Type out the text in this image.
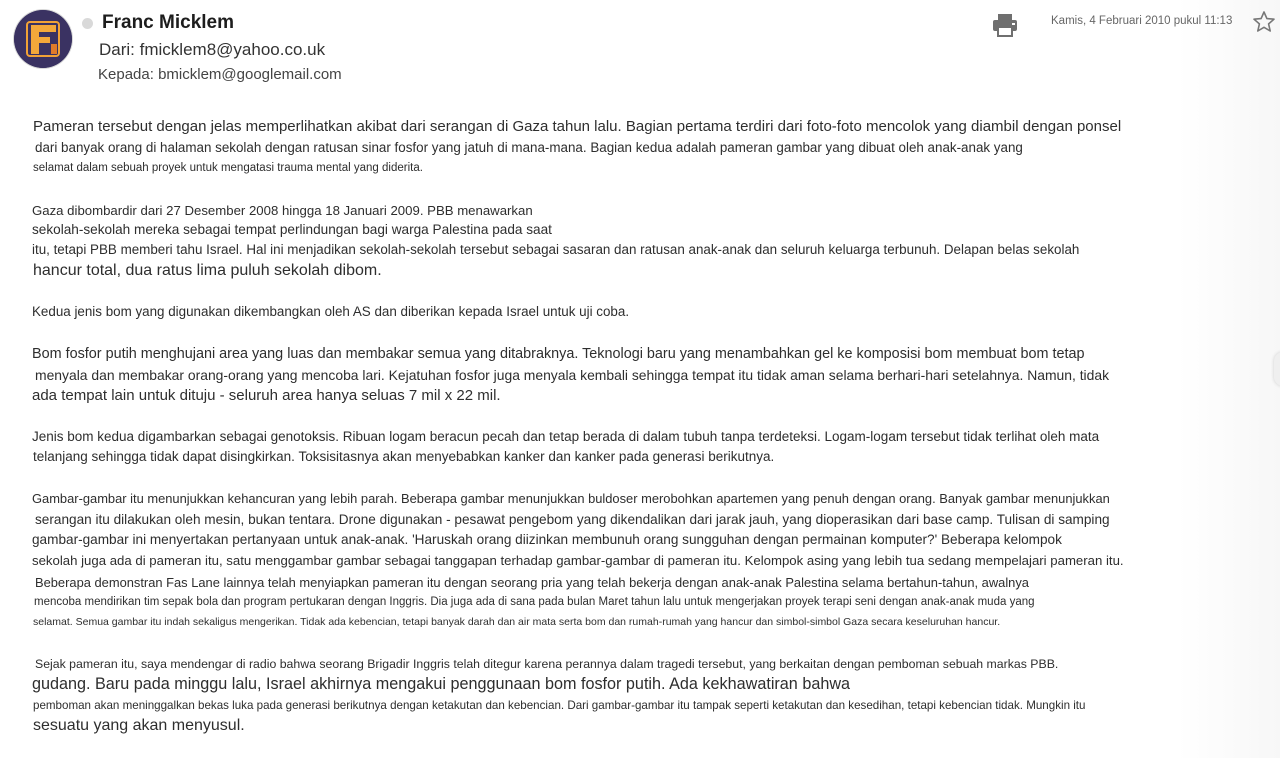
Franc Micklem
Dari: fmicklem8@yahoo.co.uk
Kepada: bmicklem@googlemail.com
Kamis, 4 Februari 2010 pukul 11:13
Pameran tersebut dengan jelas memperlihatkan akibat dari serangan di Gaza tahun lalu. Bagian pertama terdiri dari foto-foto mencolok yang diambil dengan ponsel
dari banyak orang di halaman sekolah dengan ratusan sinar fosfor yang jatuh di mana-mana. Bagian kedua adalah pameran gambar yang dibuat oleh anak-anak yang
selamat dalam sebuah proyek untuk mengatasi trauma mental yang diderita.
Gaza dibombardir dari 27 Desember 2008 hingga 18 Januari 2009. PBB menawarkan
sekolah-sekolah mereka sebagai tempat perlindungan bagi warga Palestina pada saat
itu, tetapi PBB memberi tahu Israel. Hal ini menjadikan sekolah-sekolah tersebut sebagai sasaran dan ratusan anak-anak dan seluruh keluarga terbunuh. Delapan belas sekolah
hancur total, dua ratus lima puluh sekolah dibom.
Kedua jenis bom yang digunakan dikembangkan oleh AS dan diberikan kepada Israel untuk uji coba.
Bom fosfor putih menghujani area yang luas dan membakar semua yang ditabraknya. Teknologi baru yang menambahkan gel ke komposisi bom membuat bom tetap
menyala dan membakar orang-orang yang mencoba lari. Kejatuhan fosfor juga menyala kembali sehingga tempat itu tidak aman selama berhari-hari setelahnya. Namun, tidak
ada tempat lain untuk dituju - seluruh area hanya seluas 7 mil x 22 mil.
Jenis bom kedua digambarkan sebagai genotoksis. Ribuan logam beracun pecah dan tetap berada di dalam tubuh tanpa terdeteksi. Logam-logam tersebut tidak terlihat oleh mata
telanjang sehingga tidak dapat disingkirkan. Toksisitasnya akan menyebabkan kanker dan kanker pada generasi berikutnya.
Gambar-gambar itu menunjukkan kehancuran yang lebih parah. Beberapa gambar menunjukkan buldoser merobohkan apartemen yang penuh dengan orang. Banyak gambar menunjukkan
serangan itu dilakukan oleh mesin, bukan tentara. Drone digunakan - pesawat pengebom yang dikendalikan dari jarak jauh, yang dioperasikan dari base camp. Tulisan di samping
gambar-gambar ini menyertakan pertanyaan untuk anak-anak. 'Haruskah orang diizinkan membunuh orang sungguhan dengan permainan komputer?' Beberapa kelompok
sekolah juga ada di pameran itu, satu menggambar gambar sebagai tanggapan terhadap gambar-gambar di pameran itu. Kelompok asing yang lebih tua sedang mempelajari pameran itu.
Beberapa demonstran Fas Lane lainnya telah menyiapkan pameran itu dengan seorang pria yang telah bekerja dengan anak-anak Palestina selama bertahun-tahun, awalnya
mencoba mendirikan tim sepak bola dan program pertukaran dengan Inggris. Dia juga ada di sana pada bulan Maret tahun lalu untuk mengerjakan proyek terapi seni dengan anak-anak muda yang
selamat. Semua gambar itu indah sekaligus mengerikan. Tidak ada kebencian, tetapi banyak darah dan air mata serta bom dan rumah-rumah yang hancur dan simbol-simbol Gaza secara keseluruhan hancur.
Sejak pameran itu, saya mendengar di radio bahwa seorang Brigadir Inggris telah ditegur karena perannya dalam tragedi tersebut, yang berkaitan dengan pemboman sebuah markas PBB.
gudang. Baru pada minggu lalu, Israel akhirnya mengakui penggunaan bom fosfor putih. Ada kekhawatiran bahwa
pemboman akan meninggalkan bekas luka pada generasi berikutnya dengan ketakutan dan kebencian. Dari gambar-gambar itu tampak seperti ketakutan dan kesedihan, tetapi kebencian tidak. Mungkin itu
sesuatu yang akan menyusul.
